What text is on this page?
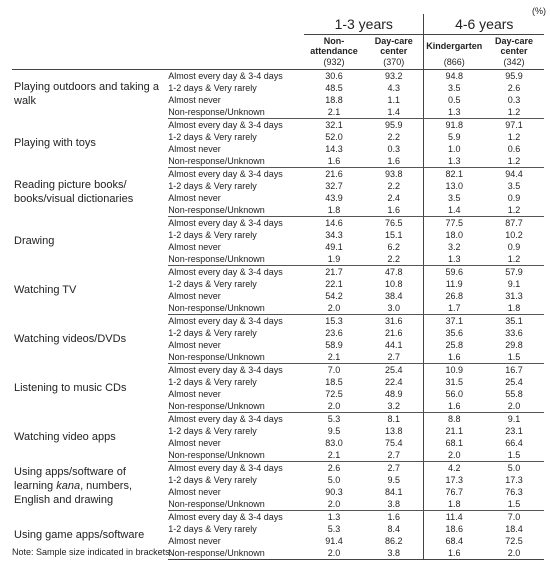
(%)
		1-3 years		4-6 years	
		Non-attendance	Day-care center	Kindergarten	Day-care center
		(932)	(370)	(866)	(342)
Playing outdoors and taking a walk	Almost every day & 3-4 days	30.6	93.2	94.8	95.9
	1-2 days & Very rarely	48.5	4.3	3.5	2.6
	Almost never	18.8	1.1	0.5	0.3
	Non-response/Unknown	2.1	1.4	1.3	1.2
Playing with toys	Almost every day & 3-4 days	32.1	95.9	91.8	97.1
	1-2 days & Very rarely	52.0	2.2	5.9	1.2
	Almost never	14.3	0.3	1.0	0.6
	Non-response/Unknown	1.6	1.6	1.3	1.2
Reading picture books/ books/visual dictionaries	Almost every day & 3-4 days	21.6	93.8	82.1	94.4
	1-2 days & Very rarely	32.7	2.2	13.0	3.5
	Almost never	43.9	2.4	3.5	0.9
	Non-response/Unknown	1.8	1.6	1.4	1.2
Drawing	Almost every day & 3-4 days	14.6	76.5	77.5	87.7
	1-2 days & Very rarely	34.3	15.1	18.0	10.2
	Almost never	49.1	6.2	3.2	0.9
	Non-response/Unknown	1.9	2.2	1.3	1.2
Watching TV	Almost every day & 3-4 days	21.7	47.8	59.6	57.9
	1-2 days & Very rarely	22.1	10.8	11.9	9.1
	Almost never	54.2	38.4	26.8	31.3
	Non-response/Unknown	2.0	3.0	1.7	1.8
Watching videos/DVDs	Almost every day & 3-4 days	15.3	31.6	37.1	35.1
	1-2 days & Very rarely	23.6	21.6	35.6	33.6
	Almost never	58.9	44.1	25.8	29.8
	Non-response/Unknown	2.1	2.7	1.6	1.5
Listening to music CDs	Almost every day & 3-4 days	7.0	25.4	10.9	16.7
	1-2 days & Very rarely	18.5	22.4	31.5	25.4
	Almost never	72.5	48.9	56.0	55.8
	Non-response/Unknown	2.0	3.2	1.6	2.0
Watching video apps	Almost every day & 3-4 days	5.3	8.1	8.8	9.1
	1-2 days & Very rarely	9.5	13.8	21.1	23.1
	Almost never	83.0	75.4	68.1	66.4
	Non-response/Unknown	2.1	2.7	2.0	1.5
Using apps/software of learning kana, numbers, English and drawing	Almost every day & 3-4 days	2.6	2.7	4.2	5.0
	1-2 days & Very rarely	5.0	9.5	17.3	17.3
	Almost never	90.3	84.1	76.7	76.3
	Non-response/Unknown	2.0	3.8	1.8	1.5
Using game apps/software	Almost every day & 3-4 days	1.3	1.6	11.4	7.0
	1-2 days & Very rarely	5.3	8.4	18.6	18.4
	Almost never	91.4	86.2	68.4	72.5
	Non-response/Unknown	2.0	3.8	1.6	2.0
Note: Sample size indicated in brackets.
